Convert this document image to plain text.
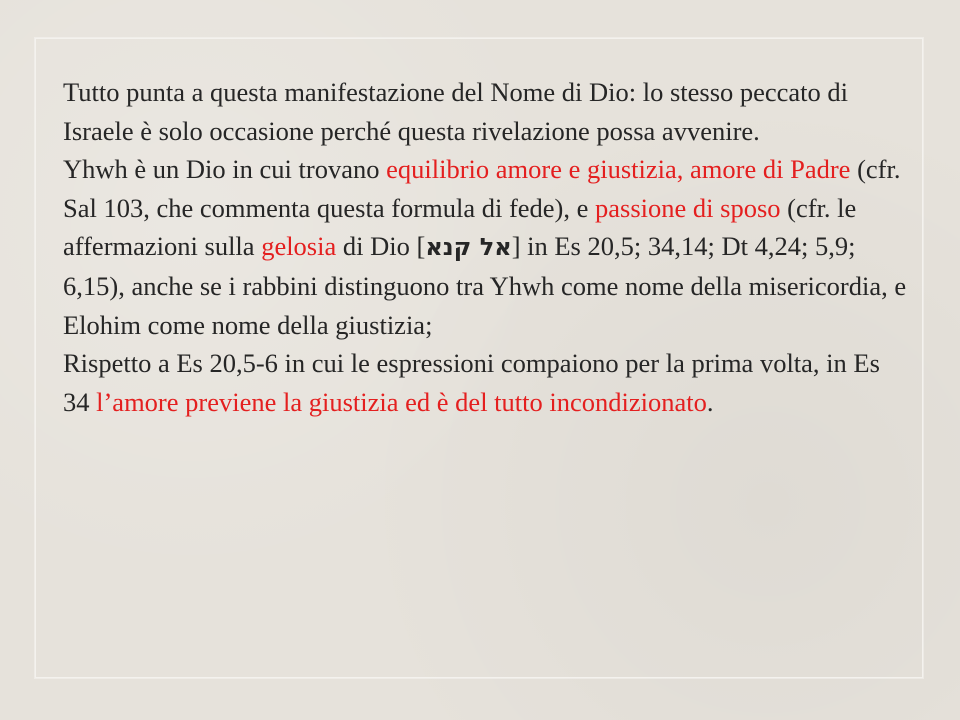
Tutto punta a questa manifestazione del Nome di Dio: lo stesso peccato di Israele è solo occasione perché questa rivelazione possa avvenire.

Yhwh è un Dio in cui trovano equilibrio amore e giustizia, amore di Padre (cfr. Sal 103, che commenta questa formula di fede), e passione di sposo (cfr. le affermazioni sulla gelosia di Dio [אל קנא] in Es 20,5; 34,14; Dt 4,24; 5,9; 6,15), anche se i rabbini distinguono tra Yhwh come nome della misericordia, e Elohim come nome della giustizia;

Rispetto a Es 20,5-6 in cui le espressioni compaiono per la prima volta, in Es 34 l’amore previene la giustizia ed è del tutto incondizionato.
